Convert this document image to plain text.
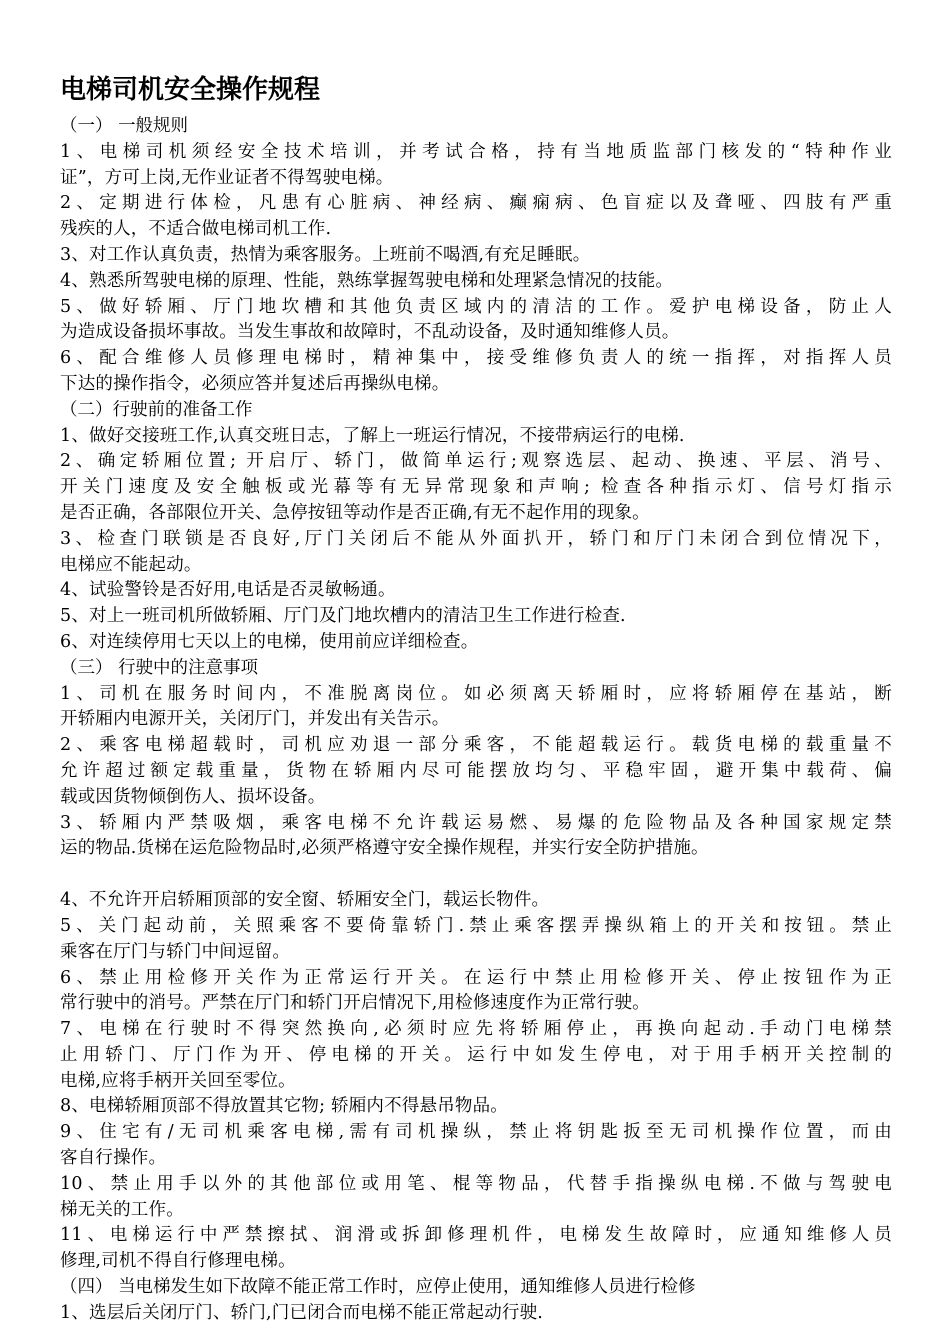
电梯司机安全操作规程
（一） 一般规则
1、电梯司机须经安全技术培训，并考试合格，持有当地质监部门核发的“特种作业
证”，方可上岗,无作业证者不得驾驶电梯。
2、定期进行体检，凡患有心脏病、神经病、癫痫病、色盲症以及聋哑、四肢有严重
残疾的人，不适合做电梯司机工作.
3、对工作认真负责，热情为乘客服务。上班前不喝酒,有充足睡眠。
4、熟悉所驾驶电梯的原理、性能，熟练掌握驾驶电梯和处理紧急情况的技能。
5、做好轿厢、厅门地坎槽和其他负责区域内的清洁的工作。爱护电梯设备，防止人
为造成设备损坏事故。当发生事故和故障时，不乱动设备，及时通知维修人员。
6、配合维修人员修理电梯时，精神集中，接受维修负责人的统一指挥，对指挥人员
下达的操作指令，必须应答并复述后再操纵电梯。
（二）行驶前的准备工作
1、做好交接班工作,认真交班日志，了解上一班运行情况，不接带病运行的电梯.
2、确定轿厢位置; 开启厅、轿门，做简单运行;观察选层、起动、换速、平层、消号、
开关门速度及安全触板或光幕等有无异常现象和声响; 检查各种指示灯、信号灯指示
是否正确，各部限位开关、急停按钮等动作是否正确,有无不起作用的现象。
3、检查门联锁是否良好,厅门关闭后不能从外面扒开，轿门和厅门未闭合到位情况下，
电梯应不能起动。
4、试验警铃是否好用,电话是否灵敏畅通。
5、对上一班司机所做轿厢、厅门及门地坎槽内的清洁卫生工作进行检查.
6、对连续停用七天以上的电梯，使用前应详细检查。
（三） 行驶中的注意事项
1、司机在服务时间内，不准脱离岗位。如必须离天轿厢时，应将轿厢停在基站，断
开轿厢内电源开关，关闭厅门，并发出有关告示。
2、乘客电梯超载时，司机应劝退一部分乘客，不能超载运行。载货电梯的载重量不
允许超过额定载重量，货物在轿厢内尽可能摆放均匀、平稳牢固，避开集中载荷、偏
载或因货物倾倒伤人、损坏设备。
3、轿厢内严禁吸烟，乘客电梯不允许载运易燃、易爆的危险物品及各种国家规定禁
运的物品.货梯在运危险物品时,必须严格遵守安全操作规程，并实行安全防护措施。
4、不允许开启轿厢顶部的安全窗、轿厢安全门，载运长物件。
5、关门起动前，关照乘客不要倚靠轿门.禁止乘客摆弄操纵箱上的开关和按钮。禁止
乘客在厅门与轿门中间逗留。
6、禁止用检修开关作为正常运行开关。在运行中禁止用检修开关、停止按钮作为正
常行驶中的消号。严禁在厅门和轿门开启情况下,用检修速度作为正常行驶。
7、电梯在行驶时不得突然换向,必须时应先将轿厢停止，再换向起动.手动门电梯禁
止用轿门、厅门作为开、停电梯的开关。运行中如发生停电，对于用手柄开关控制的
电梯,应将手柄开关回至零位。
8、电梯轿厢顶部不得放置其它物; 轿厢内不得悬吊物品。
9、住宅有/无司机乘客电梯,需有司机操纵，禁止将钥匙扳至无司机操作位置，而由
客自行操作。
10、禁止用手以外的其他部位或用笔、棍等物品，代替手指操纵电梯.不做与驾驶电
梯无关的工作。
11、电梯运行中严禁擦拭、润滑或拆卸修理机件，电梯发生故障时，应通知维修人员
修理,司机不得自行修理电梯。
（四） 当电梯发生如下故障不能正常工作时，应停止使用，通知维修人员进行检修
1、选层后关闭厅门、轿门,门已闭合而电梯不能正常起动行驶.
